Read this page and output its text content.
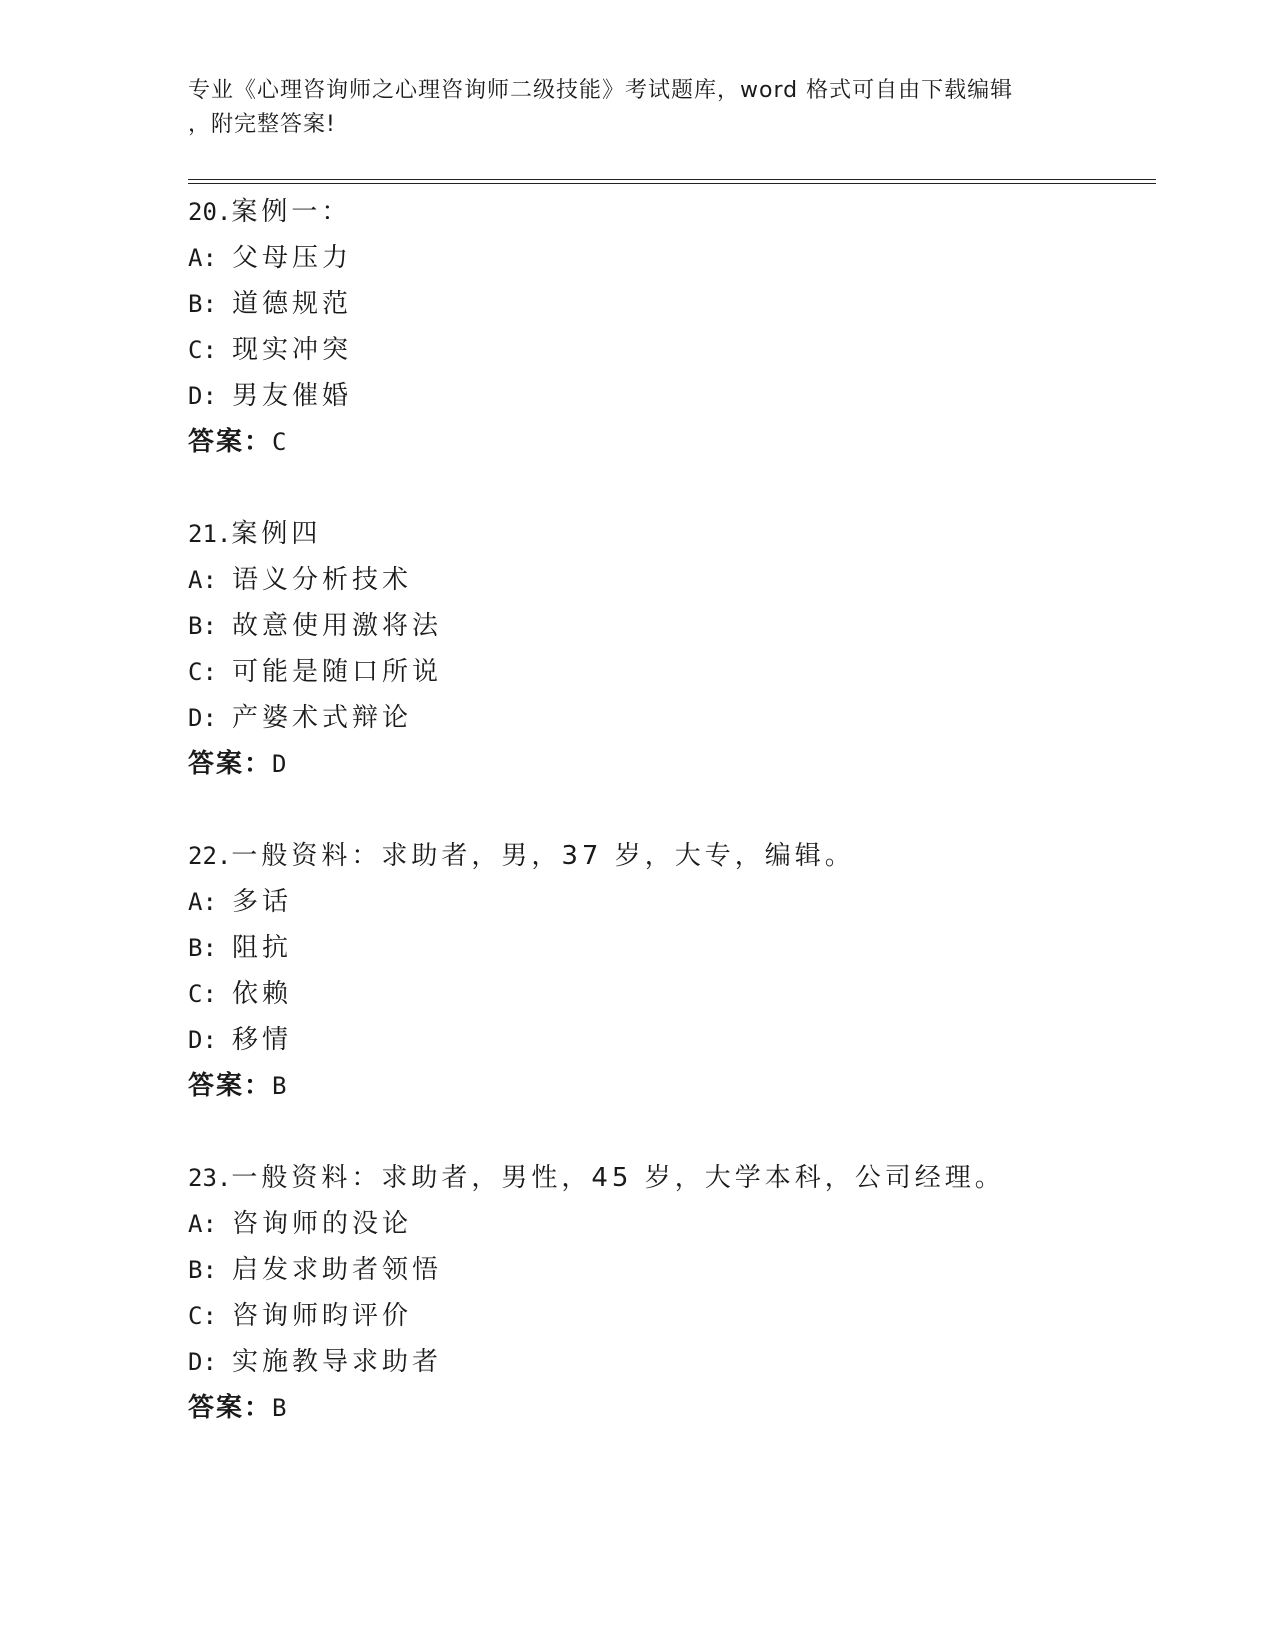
专业《心理咨询师之心理咨询师二级技能》考试题库，word 格式可自由下载编辑
，附完整答案!
20.案例一：
A: 父母压力
B: 道德规范
C: 现实冲突
D: 男友催婚
答案：C
21.案例四
A: 语义分析技术
B: 故意使用激将法
C: 可能是随口所说
D: 产婆术式辩论
答案：D
22.一般资料：求助者，男，37 岁，大专，编辑。
A: 多话
B: 阻抗
C: 依赖
D: 移情
答案：B
23.一般资料：求助者，男性，45 岁，大学本科，公司经理。
A: 咨询师的没论
B: 启发求助者领悟
C: 咨询师昀评价
D: 实施教导求助者
答案：B
